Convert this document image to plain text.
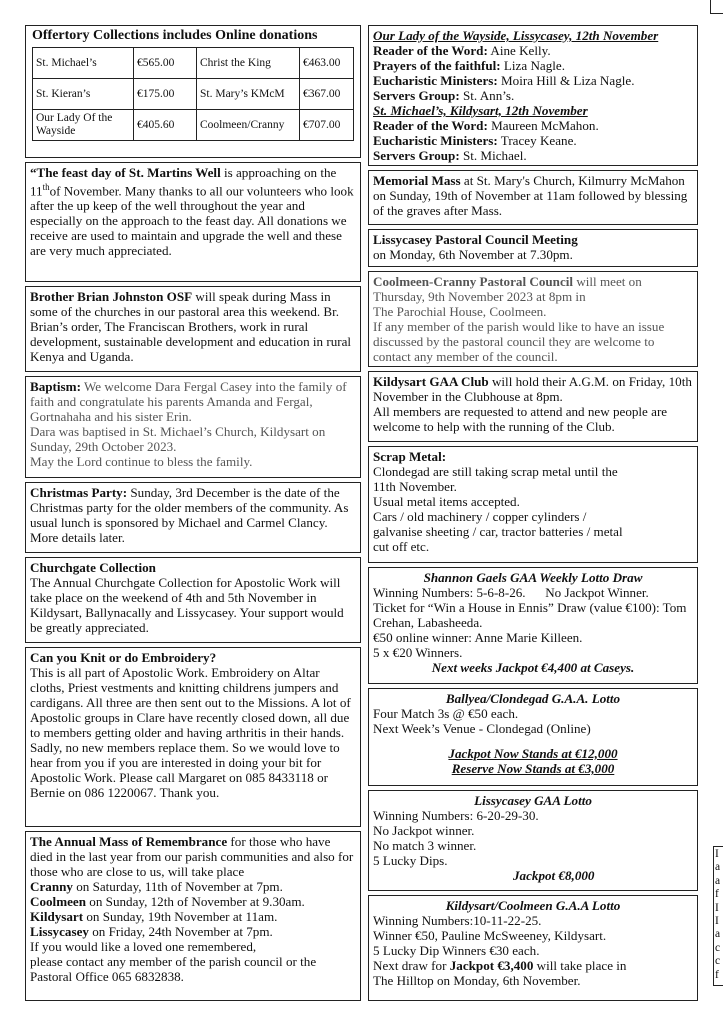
Offertory Collections includes Online donations
St. Michael’s	€565.00	Christ the King	€463.00
St. Kieran’s	€175.00	St. Mary’s KMcM	€367.00
Our Lady Of the Wayside	€405.60	Coolmeen/Cranny	€707.00

“The feast day of St. Martins Well is approaching on the 11thof November. Many thanks to all our volunteers who look after the up keep of the well throughout the year and especially on the approach to the feast day. All donations we receive are used to maintain and upgrade the well and these are very much appreciated.

Brother Brian Johnston OSF will speak during Mass in some of the churches in our pastoral area this weekend. Br. Brian’s order, The Franciscan Brothers, work in rural development, sustainable development and education in rural Kenya and Uganda.

Baptism: We welcome Dara Fergal Casey into the family of faith and congratulate his parents Amanda and Fergal, Gortnahaha and his sister Erin.

Dara was baptised in St. Michael’s Church, Kildysart on Sunday, 29th October 2023.

May the Lord continue to bless the family.

Christmas Party: Sunday, 3rd December is the date of the Christmas party for the older members of the community. As usual lunch is sponsored by Michael and Carmel Clancy. More details later.

Churchgate Collection

The Annual Churchgate Collection for Apostolic Work will take place on the weekend of 4th and 5th November in Kildysart, Ballynacally and Lissycasey. Your support would be greatly appreciated.

Can you Knit or do Embroidery?

This is all part of Apostolic Work. Embroidery on Altar cloths, Priest vestments and knitting childrens jumpers and cardigans. All three are then sent out to the Missions. A lot of Apostolic groups in Clare have recently closed down, all due to members getting older and having arthritis in their hands. Sadly, no new members replace them. So we would love to hear from you if you are interested in doing your bit for Apostolic Work. Please call Margaret on 085 8433118 or

Bernie on 086 1220067. Thank you.

The Annual Mass of Remembrance for those who have died in the last year from our parish communities and also for those who are close to us, will take place

Cranny on Saturday, 11th of November at 7pm.

Coolmeen on Sunday, 12th of November at 9.30am.

Kildysart on Sunday, 19th November at 11am.

Lissycasey on Friday, 24th November at 7pm.

If you would like a loved one remembered,

please contact any member of the parish council or the Pastoral Office 065 6832838.

Our Lady of the Wayside, Lissycasey, 12th November

Reader of the Word: Aine Kelly.

Prayers of the faithful: Liza Nagle.

Eucharistic Ministers: Moira Hill & Liza Nagle.

Servers Group: St. Ann’s.

St. Michael’s, Kildysart, 12th November

Reader of the Word: Maureen McMahon.

Eucharistic Ministers: Tracey Keane.

Servers Group: St. Michael.

Memorial Mass at St. Mary's Church, Kilmurry McMahon on Sunday, 19th of November at 11am followed by blessing of the graves after Mass.

Lissycasey Pastoral Council Meeting

on Monday, 6th November at 7.30pm.

Coolmeen-Cranny Pastoral Council will meet on Thursday, 9th November 2023 at 8pm in

The Parochial House, Coolmeen.

If any member of the parish would like to have an issue discussed by the pastoral council they are welcome to contact any member of the council.

Kildysart GAA Club will hold their A.G.M. on Friday, 10th November in the Clubhouse at 8pm.

All members are requested to attend and new people are welcome to help with the running of the Club.

Scrap Metal:

Clondegad are still taking scrap metal until the 11th November.

Usual metal items accepted.

Cars / old machinery / copper cylinders / galvanise sheeting / car, tractor batteries / metal cut off etc.

Shannon Gaels GAA Weekly Lotto Draw

Winning Numbers: 5-6-8-26.      No Jackpot Winner.

Ticket for “Win a House in Ennis” Draw (value €100): Tom Crehan, Labasheeda.

€50 online winner: Anne Marie Killeen.

5 x €20 Winners.

Next weeks Jackpot €4,400 at Caseys.

Ballyea/Clondegad G.A.A. Lotto

Four Match 3s @ €50 each.

Next Week’s Venue - Clondegad (Online)

Jackpot Now Stands at €12,000

Reserve Now Stands at €3,000

Lissycasey GAA Lotto

Winning Numbers: 6-20-29-30.

No Jackpot winner.

No match 3 winner.

5 Lucky Dips.

Jackpot €8,000

Kildysart/Coolmeen G.A.A Lotto

Winning Numbers:10-11-22-25.

Winner €50, Pauline McSweeney, Kildysart.

5 Lucky Dip Winners €30 each.

Next draw for Jackpot €3,400 will take place in

The Hilltop on Monday, 6th November.

I
a
a
f
I
I
a
c
c
f
